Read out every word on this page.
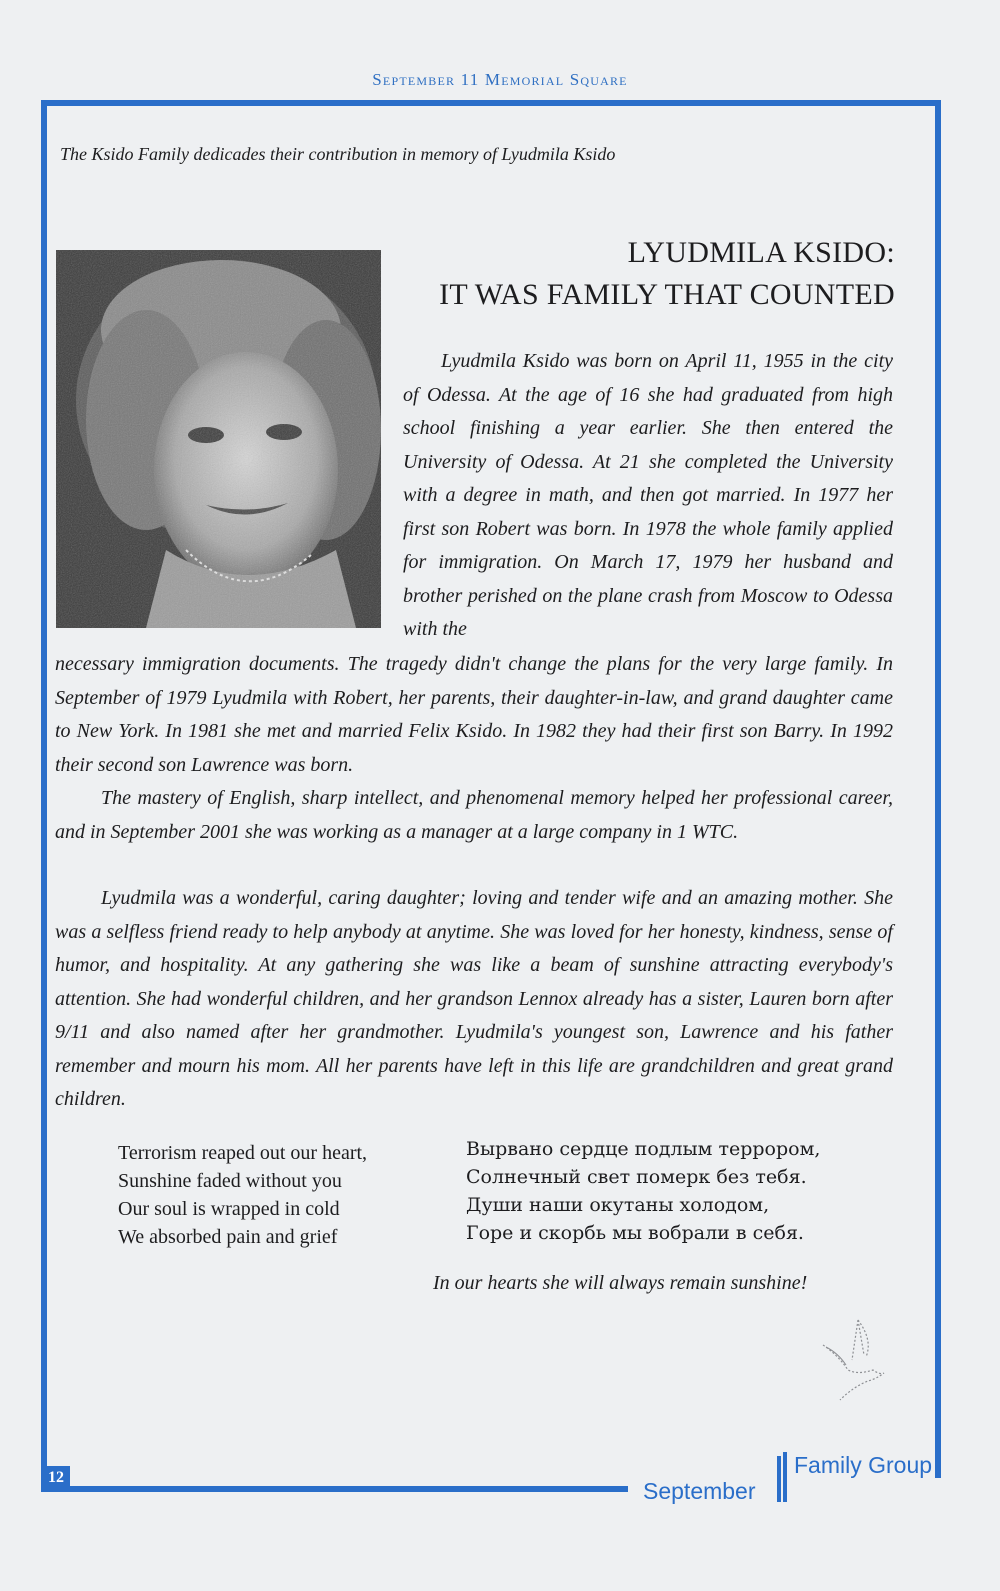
September 11 Memorial Square
The Ksido Family dedicades their contribution in memory of Lyudmila Ksido
LYUDMILA KSIDO:
IT WAS FAMILY THAT COUNTED

Lyudmila Ksido was born on April 11, 1955 in the city of Odessa. At the age of 16 she had graduated from high school finishing a year earlier. She then entered the University of Odessa. At 21 she completed the University with a degree in math, and then got married. In 1977 her first son Robert was born. In 1978 the whole family applied for immigration. On March 17, 1979 her husband and brother perished on the plane crash from Moscow to Odessa with the

necessary immigration documents. The tragedy didn't change the plans for the very large family. In September of 1979 Lyudmila with Robert, her parents, their daughter-in-law, and grand daughter came to New York. In 1981 she met and married Felix Ksido. In 1982 they had their first son Barry. In 1992 their second son Lawrence was born.

The mastery of English, sharp intellect, and phenomenal memory helped her professional career, and in September 2001 she was working as a manager at a large company in 1 WTC.

Lyudmila was a wonderful, caring daughter; loving and tender wife and an amazing mother. She was a selfless friend ready to help anybody at anytime. She was loved for her honesty, kindness, sense of humor, and hospitality. At any gathering she was like a beam of sunshine attracting everybody's attention. She had wonderful children, and her grandson Lennox already has a sister, Lauren born after 9/11 and also named after her grandmother. Lyudmila's youngest son, Lawrence and his father remember and mourn his mom. All her parents have left in this life are grandchildren and great grand children.

Terrorism reaped out our heart,
Sunshine faded without you
Our soul is wrapped in cold
We absorbed pain and grief
Вырвано сердце подлым террором,
Солнечный свет померк без тебя.
Души наши окутаны холодом,
Горе и скорбь мы вобрали в себя.
In our hearts she will always remain sunshine!
12
September
Family Group
